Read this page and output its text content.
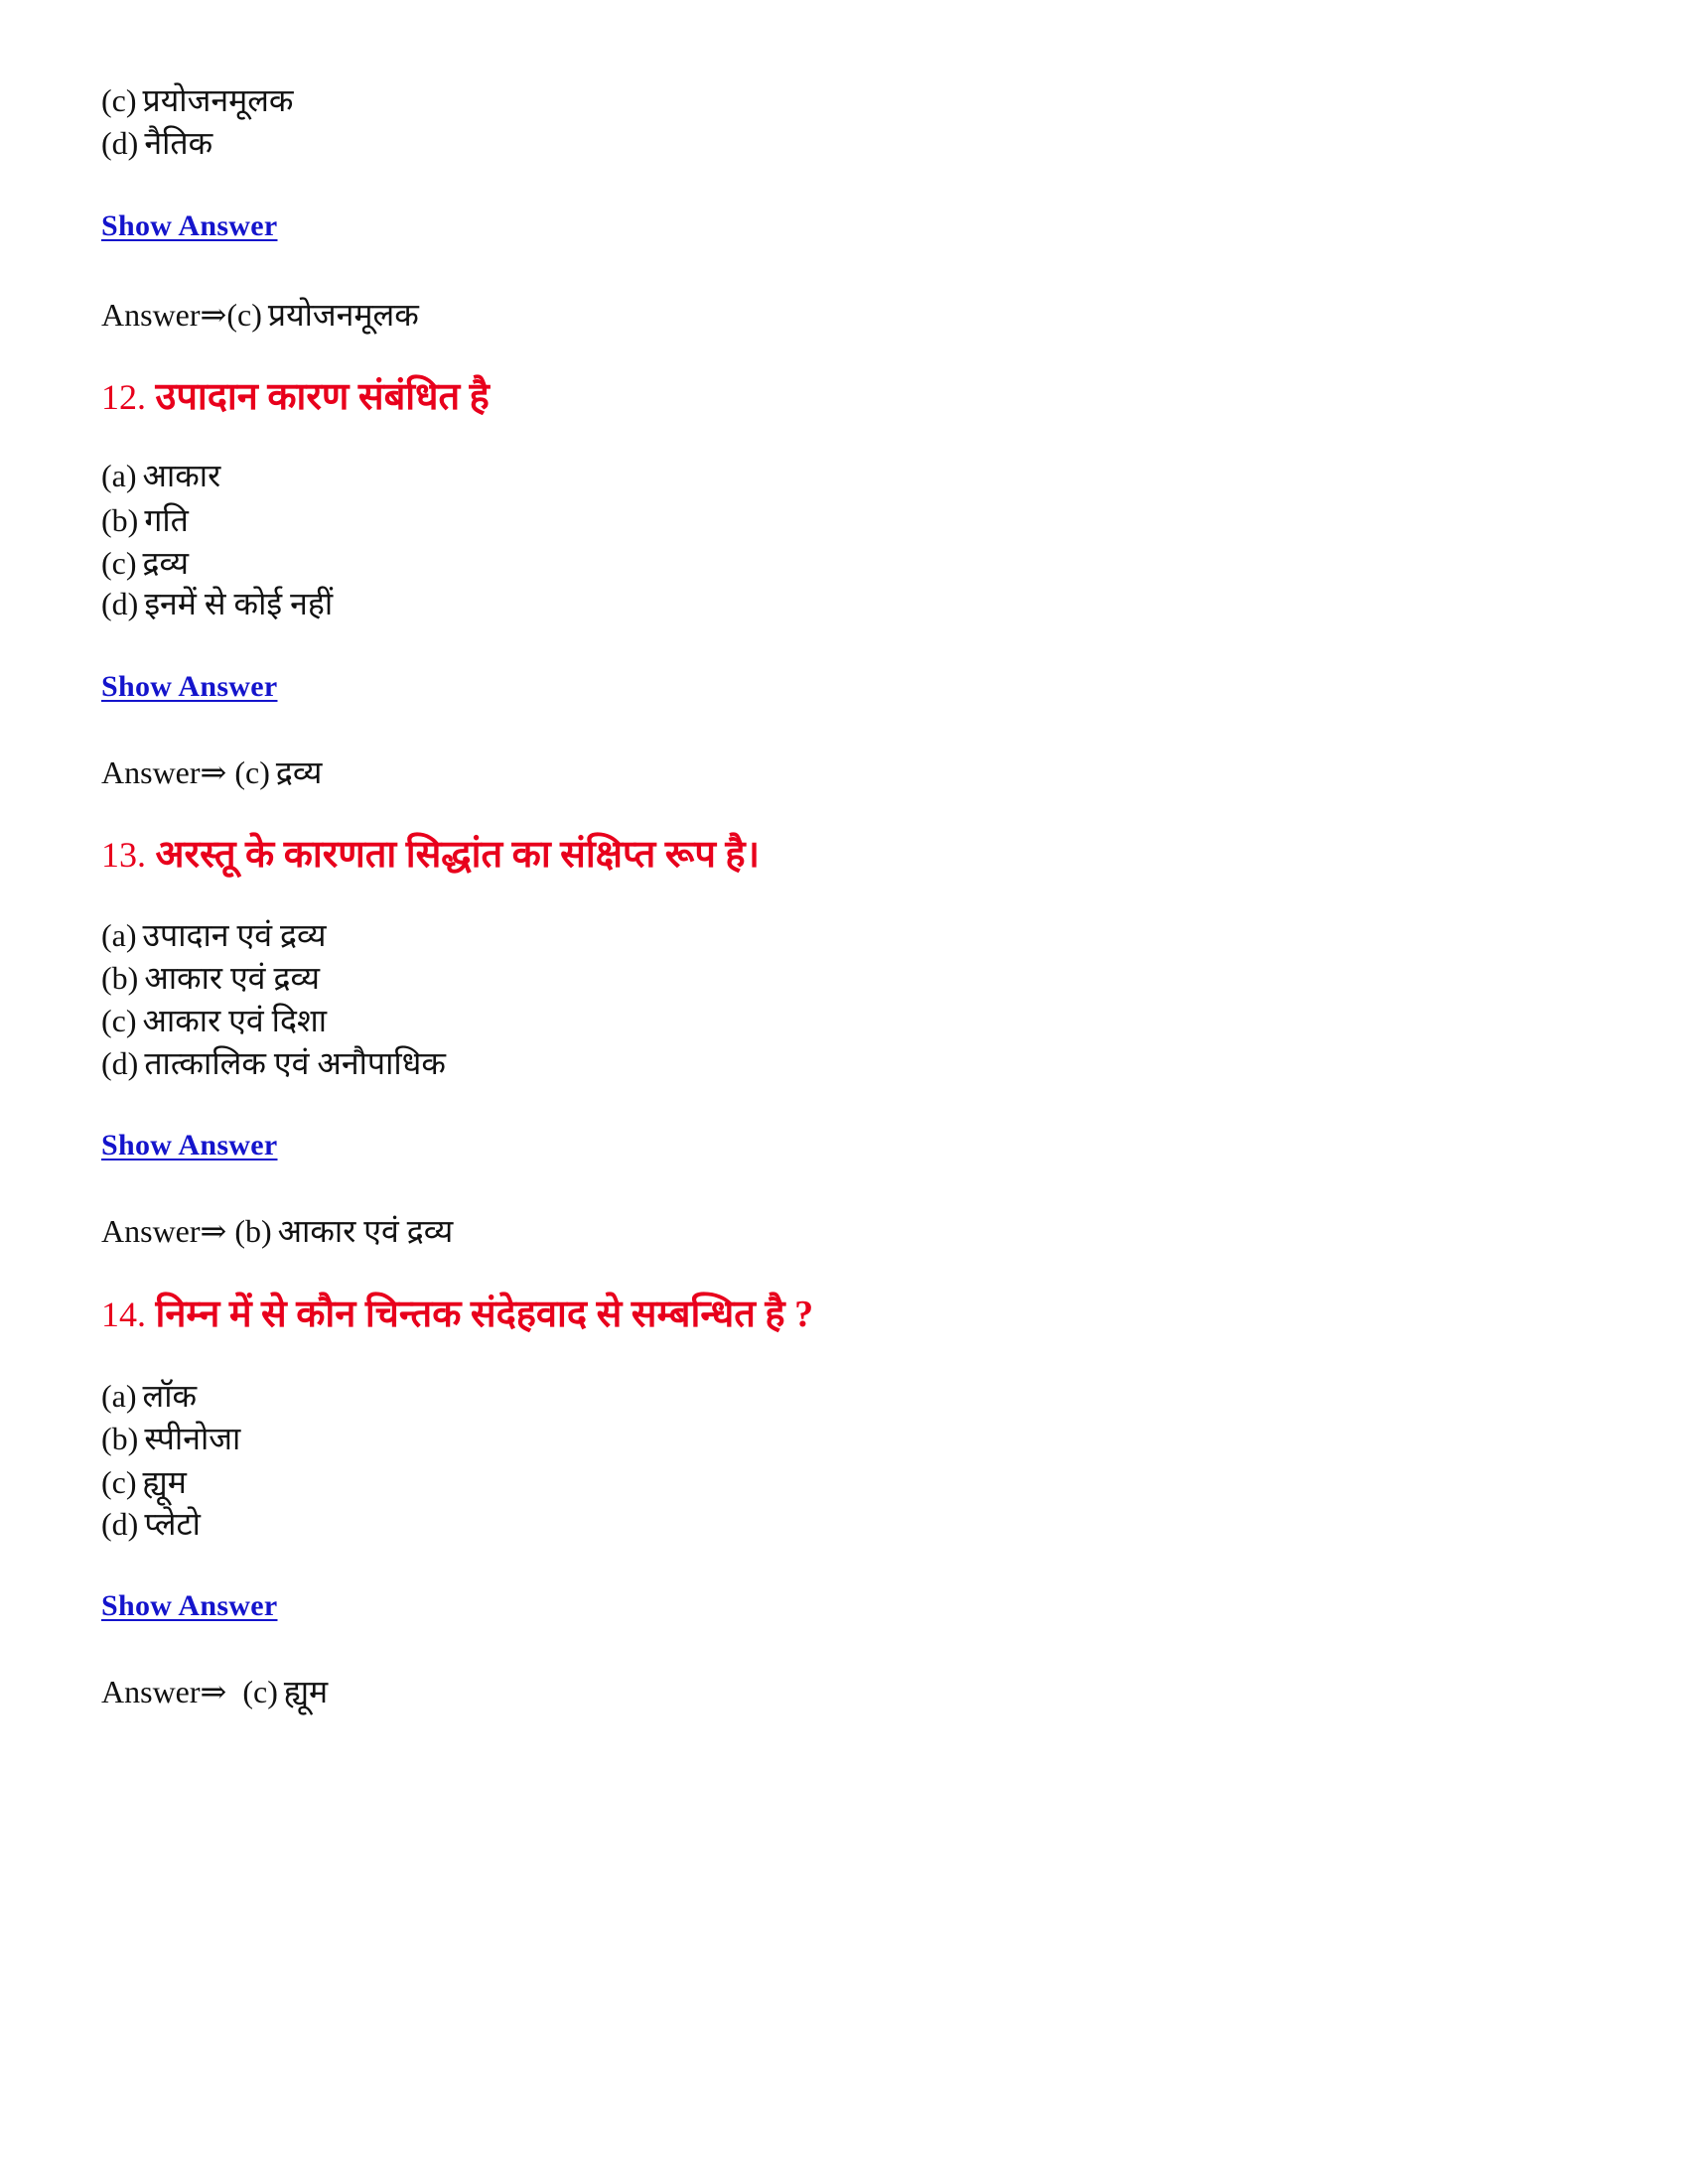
(c) प्रयोजनमूलक
(d) नैतिक
Show Answer
Answer⇒(c) प्रयोजनमूलक
12. उपादान कारण संबंधित है
(a) आकार
(b) गति
(c) द्रव्य
(d) इनमें से कोई नहीं
Show Answer
Answer⇒ (c) द्रव्य
13. अरस्तू के कारणता सिद्धांत का संक्षिप्त रूप है।
(a) उपादान एवं द्रव्य
(b) आकार एवं द्रव्य
(c) आकार एवं दिशा
(d) तात्कालिक एवं अनौपाधिक
Show Answer
Answer⇒ (b) आकार एवं द्रव्य
14. निम्न में से कौन चिन्तक संदेहवाद से सम्बन्धित है ?
(a) लॉक
(b) स्पीनोजा
(c) ह्यूम
(d) प्लेटो
Show Answer
Answer⇒  (c) ह्यूम
